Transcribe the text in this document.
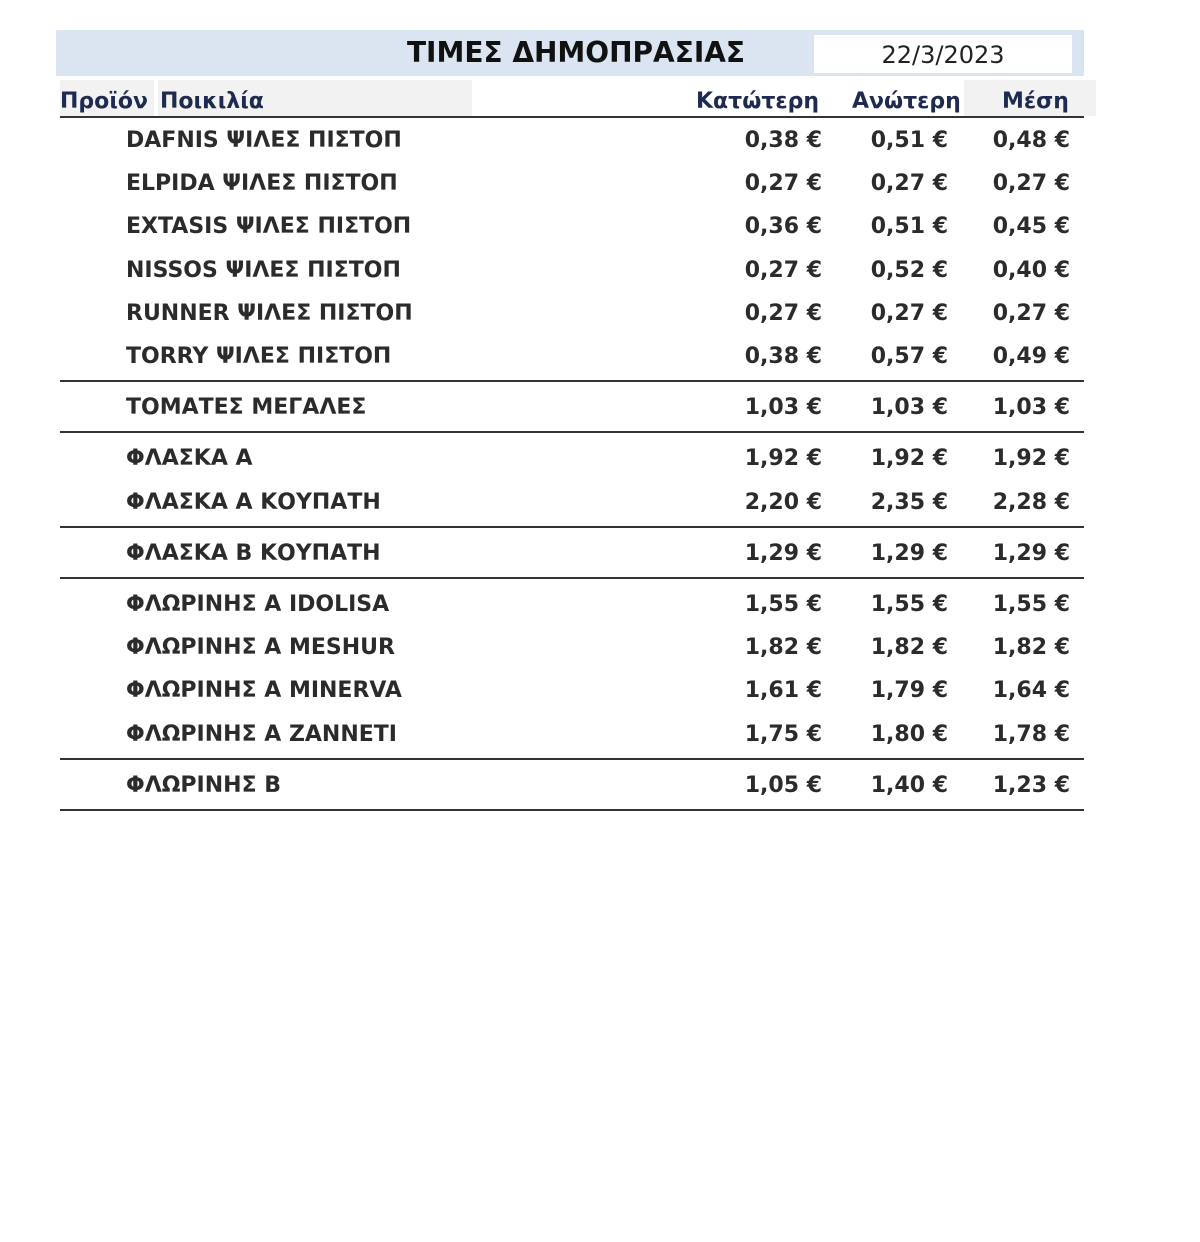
ΤΙΜΕΣ ΔΗΜΟΠΡΑΣΙΑΣ	22/3/2023
Προϊόν Ποικιλία	Κατώτερη Ανώτερη Μέση
DAFNIS ΨΙΛΕΣ ΠΙΣΤΟΠ	0,38 €	0,51 €	0,48 €
ELPIDA ΨΙΛΕΣ ΠΙΣΤΟΠ	0,27 €	0,27 €	0,27 €
EXTASIS ΨΙΛΕΣ ΠΙΣΤΟΠ	0,36 €	0,51 €	0,45 €
NISSOS ΨΙΛΕΣ ΠΙΣΤΟΠ	0,27 €	0,52 €	0,40 €
RUNNER ΨΙΛΕΣ ΠΙΣΤΟΠ	0,27 €	0,27 €	0,27 €
TORRY ΨΙΛΕΣ ΠΙΣΤΟΠ	0,38 €	0,57 €	0,49 €
ΤΟΜΑΤΕΣ ΜΕΓΑΛΕΣ	1,03 €	1,03 €	1,03 €
ΦΛΑΣΚΑ Α	1,92 €	1,92 €	1,92 €
ΦΛΑΣΚΑ Α ΚΟΥΠΑΤΗ	2,20 €	2,35 €	2,28 €
ΦΛΑΣΚΑ Β ΚΟΥΠΑΤΗ	1,29 €	1,29 €	1,29 €
ΦΛΩΡΙΝΗΣ Α IDOLISA	1,55 €	1,55 €	1,55 €
ΦΛΩΡΙΝΗΣ Α MESHUR	1,82 €	1,82 €	1,82 €
ΦΛΩΡΙΝΗΣ Α MINERVA	1,61 €	1,79 €	1,64 €
ΦΛΩΡΙΝΗΣ Α ZANNETI	1,75 €	1,80 €	1,78 €
ΦΛΩΡΙΝΗΣ Β	1,05 €	1,40 €	1,23 €
